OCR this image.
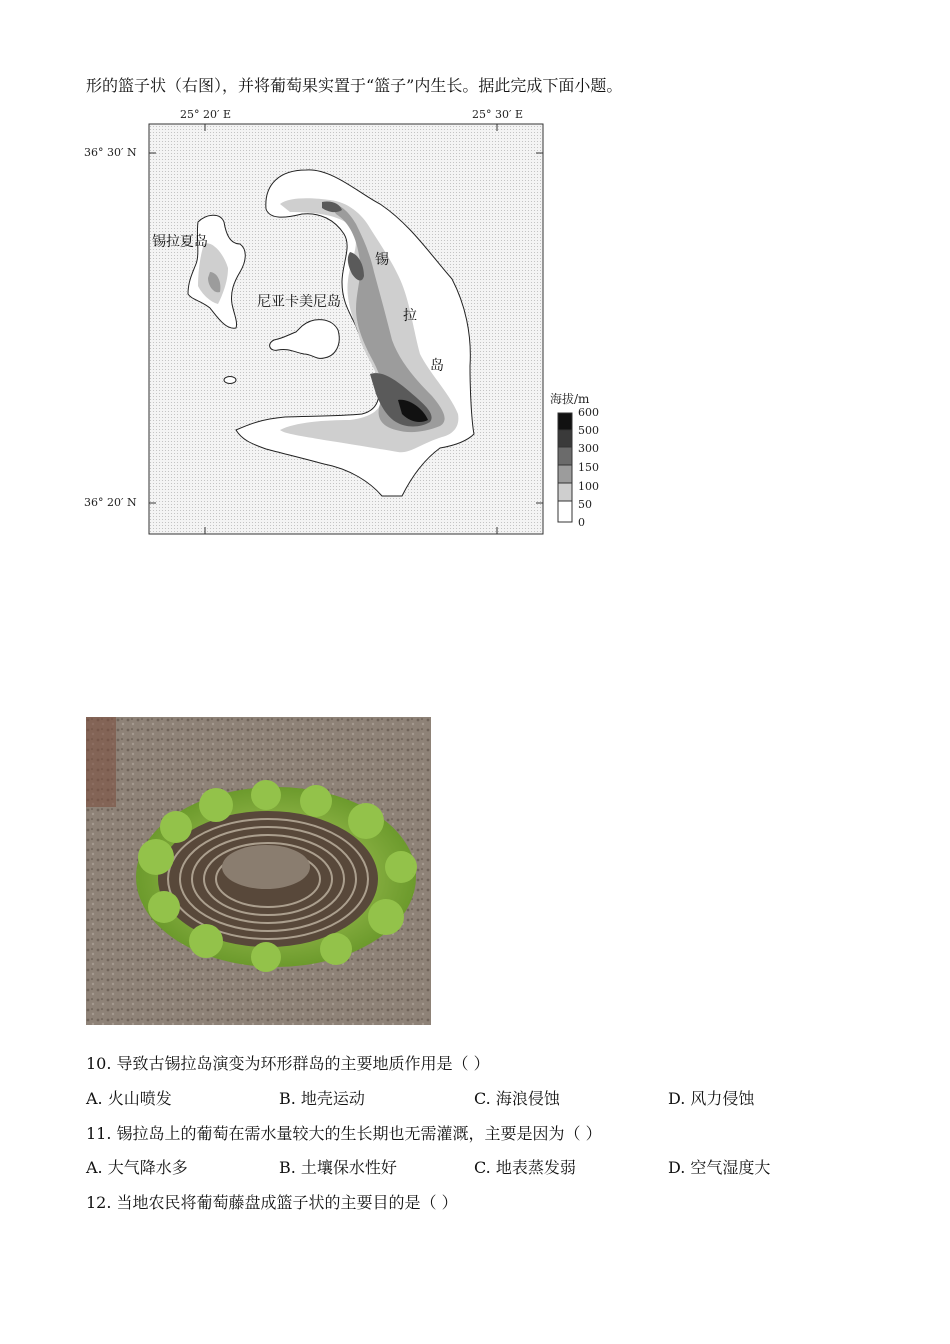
形的篮子状（右图），并将葡萄果实置于“篮子”内生长。据此完成下面小题。
25° 20′ E	25° 30′ E
36° 30′ N
36° 20′ N
锡拉夏岛
尼亚卡美尼岛
锡
拉
岛
海拔/m
600
500
300
150
100
50
0
10. 导致古锡拉岛演变为环形群岛的主要地质作用是（ ）
A. 火山喷发	B. 地壳运动	C. 海浪侵蚀	D. 风力侵蚀
11. 锡拉岛上的葡萄在需水量较大的生长期也无需灌溉，主要是因为（ ）
A. 大气降水多	B. 土壤保水性好	C. 地表蒸发弱	D. 空气湿度大
12. 当地农民将葡萄藤盘成篮子状的主要目的是（ ）
